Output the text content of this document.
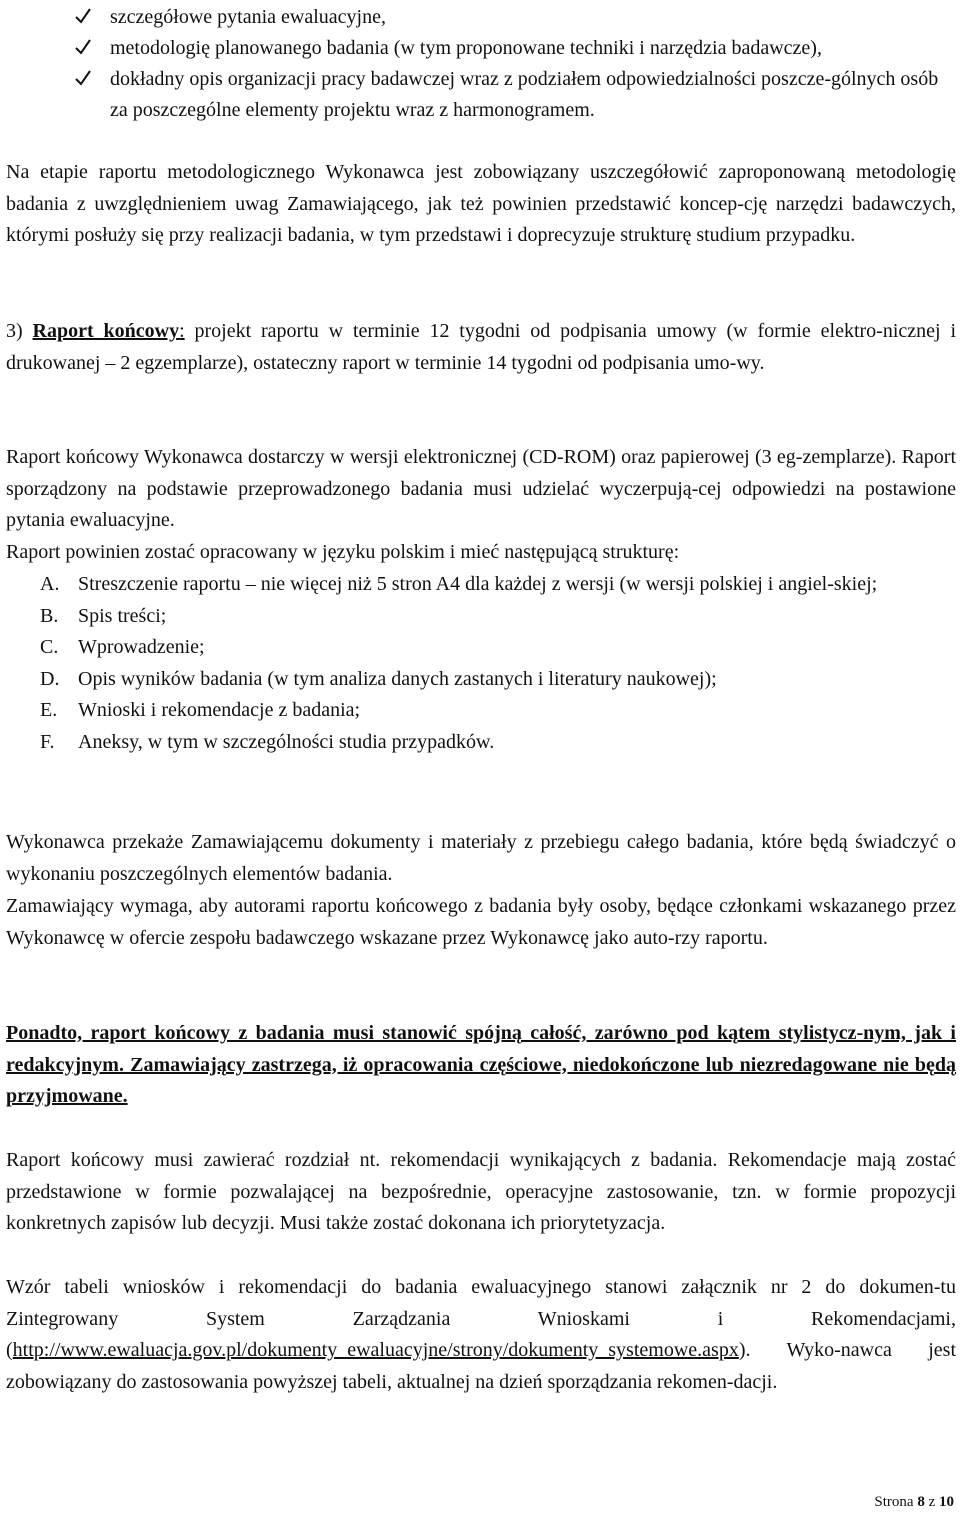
szczegółowe pytania ewaluacyjne,
metodologię planowanego badania (w tym proponowane techniki i narzędzia badawcze),
dokładny opis organizacji pracy badawczej wraz z podziałem odpowiedzialności poszcze-gólnych osób za poszczególne elementy projektu wraz z harmonogramem.

Na etapie raportu metodologicznego Wykonawca jest zobowiązany uszczegółowić zaproponowaną metodologię badania z uwzględnieniem uwag Zamawiającego, jak też powinien przedstawić koncep-cję narzędzi badawczych, którymi posłuży się przy realizacji badania, w tym przedstawi i doprecyzuje strukturę studium przypadku.

3) Raport końcowy: projekt raportu w terminie 12 tygodni od podpisania umowy (w formie elektro-nicznej i drukowanej – 2 egzemplarze), ostateczny raport w terminie 14 tygodni od podpisania umo-wy.

Raport końcowy Wykonawca dostarczy w wersji elektronicznej (CD-ROM) oraz papierowej (3 eg-zemplarze). Raport sporządzony na podstawie przeprowadzonego badania musi udzielać wyczerpują-cej odpowiedzi na postawione pytania ewaluacyjne.

Raport powinien zostać opracowany w języku polskim i mieć następującą strukturę:

A. Streszczenie raportu – nie więcej niż 5 stron A4 dla każdej z wersji (w wersji polskiej i angiel-skiej;
B. Spis treści;
C. Wprowadzenie;
D. Opis wyników badania (w tym analiza danych zastanych i literatury naukowej);
E. Wnioski i rekomendacje z badania;
F. Aneksy, w tym w szczególności studia przypadków.

Wykonawca przekaże Zamawiającemu dokumenty i materiały z przebiegu całego badania, które będą świadczyć o wykonaniu poszczególnych elementów badania.

Zamawiający wymaga, aby autorami raportu końcowego z badania były osoby, będące członkami wskazanego przez Wykonawcę w ofercie zespołu badawczego wskazane przez Wykonawcę jako auto-rzy raportu.

Ponadto, raport końcowy z badania musi stanowić spójną całość, zarówno pod kątem stylistycz-nym, jak i redakcyjnym. Zamawiający zastrzega, iż opracowania częściowe, niedokończone lub niezredagowane nie będą przyjmowane.

Raport końcowy musi zawierać rozdział nt. rekomendacji wynikających z badania. Rekomendacje mają zostać przedstawione w formie pozwalającej na bezpośrednie, operacyjne zastosowanie, tzn. w formie propozycji konkretnych zapisów lub decyzji. Musi także zostać dokonana ich priorytetyzacja.

Wzór tabeli wniosków i rekomendacji do badania ewaluacyjnego stanowi załącznik nr 2 do dokumen-tu Zintegrowany System Zarządzania Wnioskami i Rekomendacjami, (http://www.ewaluacja.gov.pl/dokumenty_ewaluacyjne/strony/dokumenty_systemowe.aspx). Wyko-nawca jest zobowiązany do zastosowania powyższej tabeli, aktualnej na dzień sporządzania rekomen-dacji.

Strona 8 z 10
